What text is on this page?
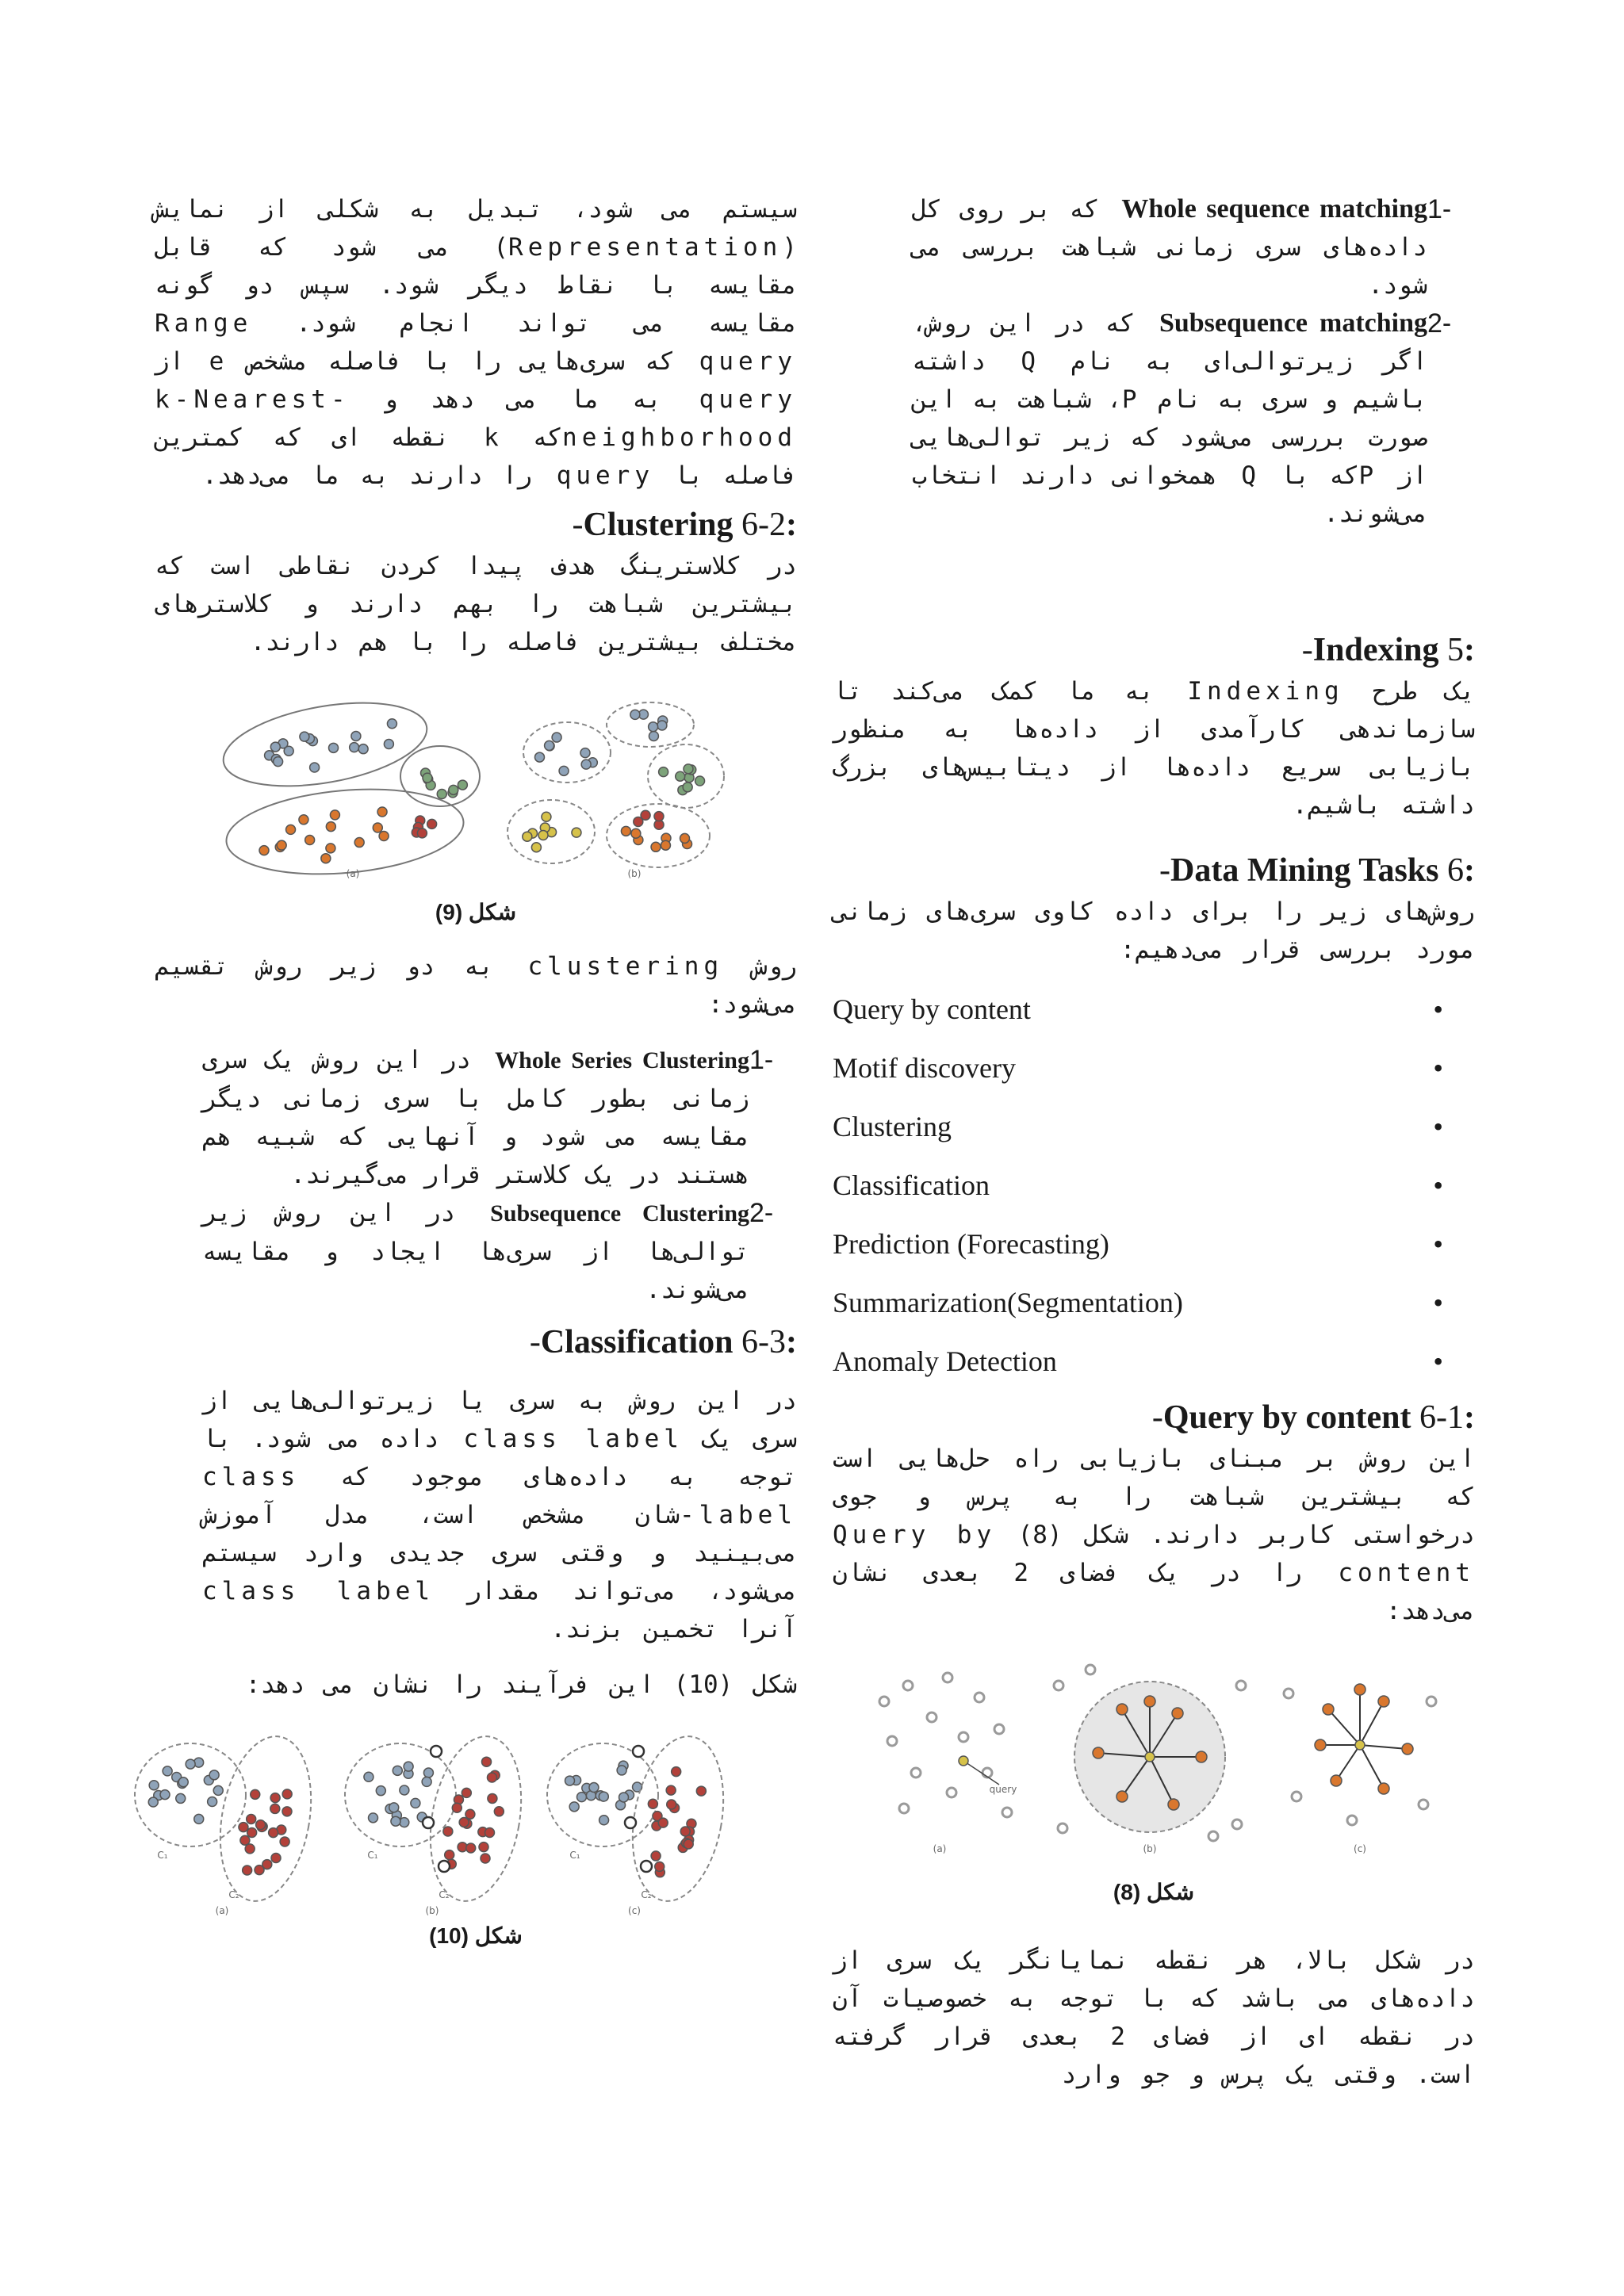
1-
Whole sequence matching که بر روی کل داده‌های سری زمانی شباهت بررسی می شود.
2-
Subsequence matching که در این روش، اگر زیرتوالی‌ای به نام Q داشته باشیم و سری به نام P، شباهت به این صورت بررسی می‌شود که زیر توالی‌هایی از Pکه با Q همخوانی دارند انتخاب می‌شوند.

:Indexing 5-

یک طرح Indexing به ما کمک می‌کند تا سازماندهی کارآمدی از داده‌ها به منظور بازیابی سریع داده‌ها از دیتابیس‌های بزرگ داشته باشیم.

:Data Mining Tasks 6-

روش‌های زیر را برای داده کاوی سری‌های زمانی مورد بررسی قرار می‌دهیم:

•
Query by content
•
Motif discovery
•
Clustering
•
Classification
•
Prediction (Forecasting)
•
Summarization(Segmentation)
•
Anomaly Detection

:Query by content 6-1-

این روش بر مبنای بازیابی راه حل‌هایی است که بیشترین شباهت را به پرس و جوی درخواستی کاربر دارند. شکل (8) Query by content را در یک فضای 2 بعدی نشان می‌دهد:

query
(a)	(b)	(c)
شکل (8)

در شکل بالا، هر نقطه نمایانگر یک سری از داده‌های می باشد که با توجه به خصوصیات آن در نقطه ای از فضای 2 بعدی قرار گرفته است. وقتی یک پرس و جو وارد

سیستم می شود، تبدیل به شکلی از نمایش (Representation) می شود که قابل مقایسه با نقاط دیگر شود. سپس دو گونه مقایسه می تواند انجام شود. Range query که سری‌هایی را با فاصله مشخص e از query به ما می دهد و k-Nearest- neighborhoodکه k نقطه ای که کمترین فاصله با query را دارند به ما می‌دهد.

:Clustering 6-2-

در کلاسترینگ هدف پیدا کردن نقاطی است که بیشترین شباهت را بهم دارند و کلاسترهای مختلف بیشترین فاصله را با هم دارند.

(a)	(b)
شکل (9)

روش clustering به دو زیر روش تقسیم می‌شود:

1-
Whole Series Clustering در این روش یک سری زمانی بطور کامل با سری زمانی دیگر مقایسه می شود و آنهایی که شبیه هم هستند در یک کلاستر قرار می‌گیرند.
2-
Subsequence Clustering در این روش زیر توالی‌ها از سری‌ها ایجاد و مقایسه می‌شوند.

:Classification 6-3-

در این روش به سری یا زیرتوالی‌هایی از سری یک class label داده می شود. با توجه به داده‌های موجود که class label-شان مشخص است، مدل آموزش می‌بینید و وقتی سری جدیدی وارد سیستم می‌شود، می‌تواند مقدار class label آنرا تخمین بزند.

شکل (10) این فرآیند را نشان می دهد:

C₁
C₂
(a)
C₁
C₂
(b)
C₁
C₂
(c)
شکل (10)
